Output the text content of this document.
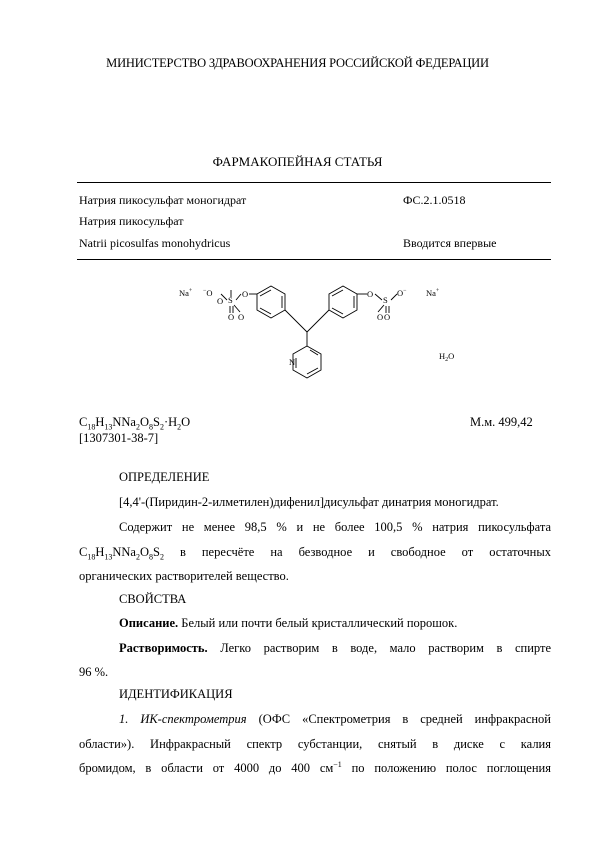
МИНИСТЕРСТВО ЗДРАВООХРАНЕНИЯ РОССИЙСКОЙ ФЕДЕРАЦИИ
ФАРМАКОПЕЙНАЯ СТАТЬЯ
Натрия пикосульфат моногидрат	ФС.2.1.0518
Натрия пикосульфат
Natrii picosulfas monohydricus	Вводится впервые
Na+ −O	O
S
O
O O
O
S
O−
O
O
Na+
N
$H_2O$
$C_{18}H_{13}NNa_2O_8S_2\cdot H_2O$	М.м. 499,42
[1307301-38-7]
ОПРЕДЕЛЕНИЕ
[4,4'-(Пиридин-2-илметилен)дифенил]дисульфат динатрия моногидрат.
Содержит не менее 98,5 % и не более 100,5 % натрия пикосульфата
$C_{18}H_{13}NNa_2O_8S_2$ в пересчёте на безводное и свободное от остаточных
органических растворителей вещество.
СВОЙСТВА
Описание. Белый или почти белый кристаллический порошок.
Растворимость. Легко растворим в воде, мало растворим в спирте
96 %.
ИДЕНТИФИКАЦИЯ
1. ИК-спектрометрия (ОФС «Спектрометрия в средней инфракрасной
области»). Инфракрасный спектр субстанции, снятый в диске с калия
бромидом, в области от 4000 до 400 $см^{-1}$ по положению полос поглощения
